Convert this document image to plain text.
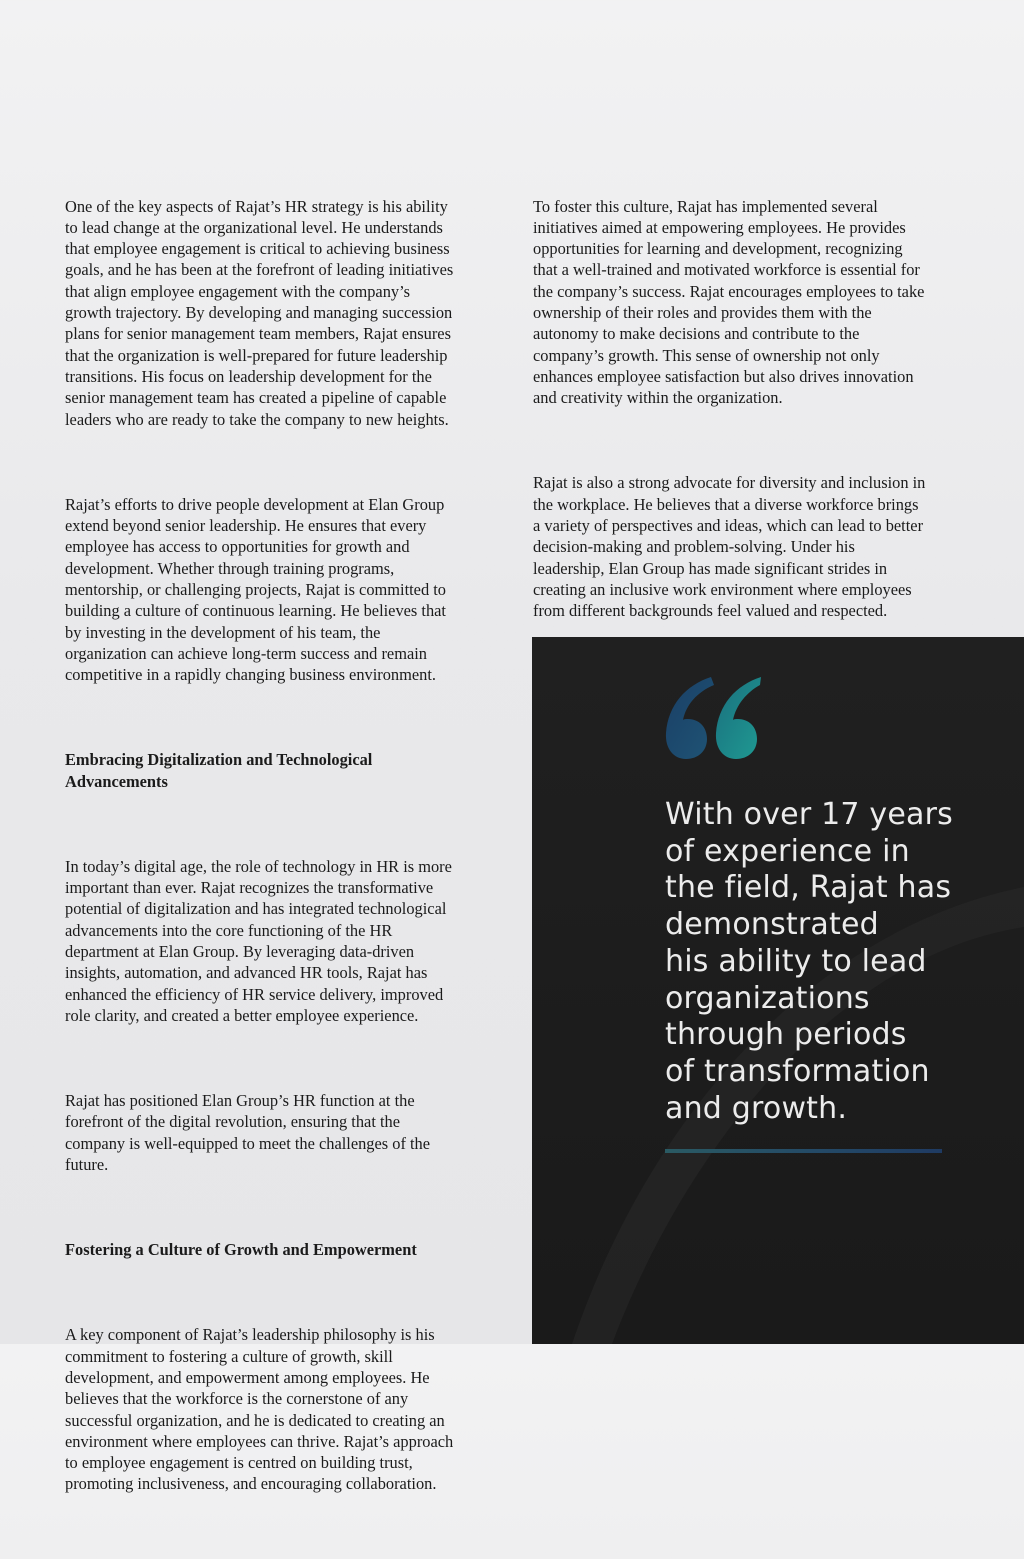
One of the key aspects of Rajat’s HR strategy is his ability
to lead change at the organizational level. He understands
that employee engagement is critical to achieving business
goals, and he has been at the forefront of leading initiatives
that align employee engagement with the company’s
growth trajectory. By developing and managing succession
plans for senior management team members, Rajat ensures
that the organization is well-prepared for future leadership
transitions. His focus on leadership development for the
senior management team has created a pipeline of capable
leaders who are ready to take the company to new heights.

Rajat’s efforts to drive people development at Elan Group
extend beyond senior leadership. He ensures that every
employee has access to opportunities for growth and
development. Whether through training programs,
mentorship, or challenging projects, Rajat is committed to
building a culture of continuous learning. He believes that
by investing in the development of his team, the
organization can achieve long-term success and remain
competitive in a rapidly changing business environment.

Embracing Digitalization and Technological
Advancements

In today’s digital age, the role of technology in HR is more
important than ever. Rajat recognizes the transformative
potential of digitalization and has integrated technological
advancements into the core functioning of the HR
department at Elan Group. By leveraging data-driven
insights, automation, and advanced HR tools, Rajat has
enhanced the efficiency of HR service delivery, improved
role clarity, and created a better employee experience.

Rajat has positioned Elan Group’s HR function at the
forefront of the digital revolution, ensuring that the
company is well-equipped to meet the challenges of the
future.

Fostering a Culture of Growth and Empowerment

A key component of Rajat’s leadership philosophy is his
commitment to fostering a culture of growth, skill
development, and empowerment among employees. He
believes that the workforce is the cornerstone of any
successful organization, and he is dedicated to creating an
environment where employees can thrive. Rajat’s approach
to employee engagement is centred on building trust,
promoting inclusiveness, and encouraging collaboration.

To foster this culture, Rajat has implemented several
initiatives aimed at empowering employees. He provides
opportunities for learning and development, recognizing
that a well-trained and motivated workforce is essential for
the company’s success. Rajat encourages employees to take
ownership of their roles and provides them with the
autonomy to make decisions and contribute to the
company’s growth. This sense of ownership not only
enhances employee satisfaction but also drives innovation
and creativity within the organization.

Rajat is also a strong advocate for diversity and inclusion in
the workplace. He believes that a diverse workforce brings
a variety of perspectives and ideas, which can lead to better
decision-making and problem-solving. Under his
leadership, Elan Group has made significant strides in
creating an inclusive work environment where employees
from different backgrounds feel valued and respected.

With over 17 years
of experience in
the field, Rajat has
demonstrated
his ability to lead
organizations
through periods
of transformation
and growth.
